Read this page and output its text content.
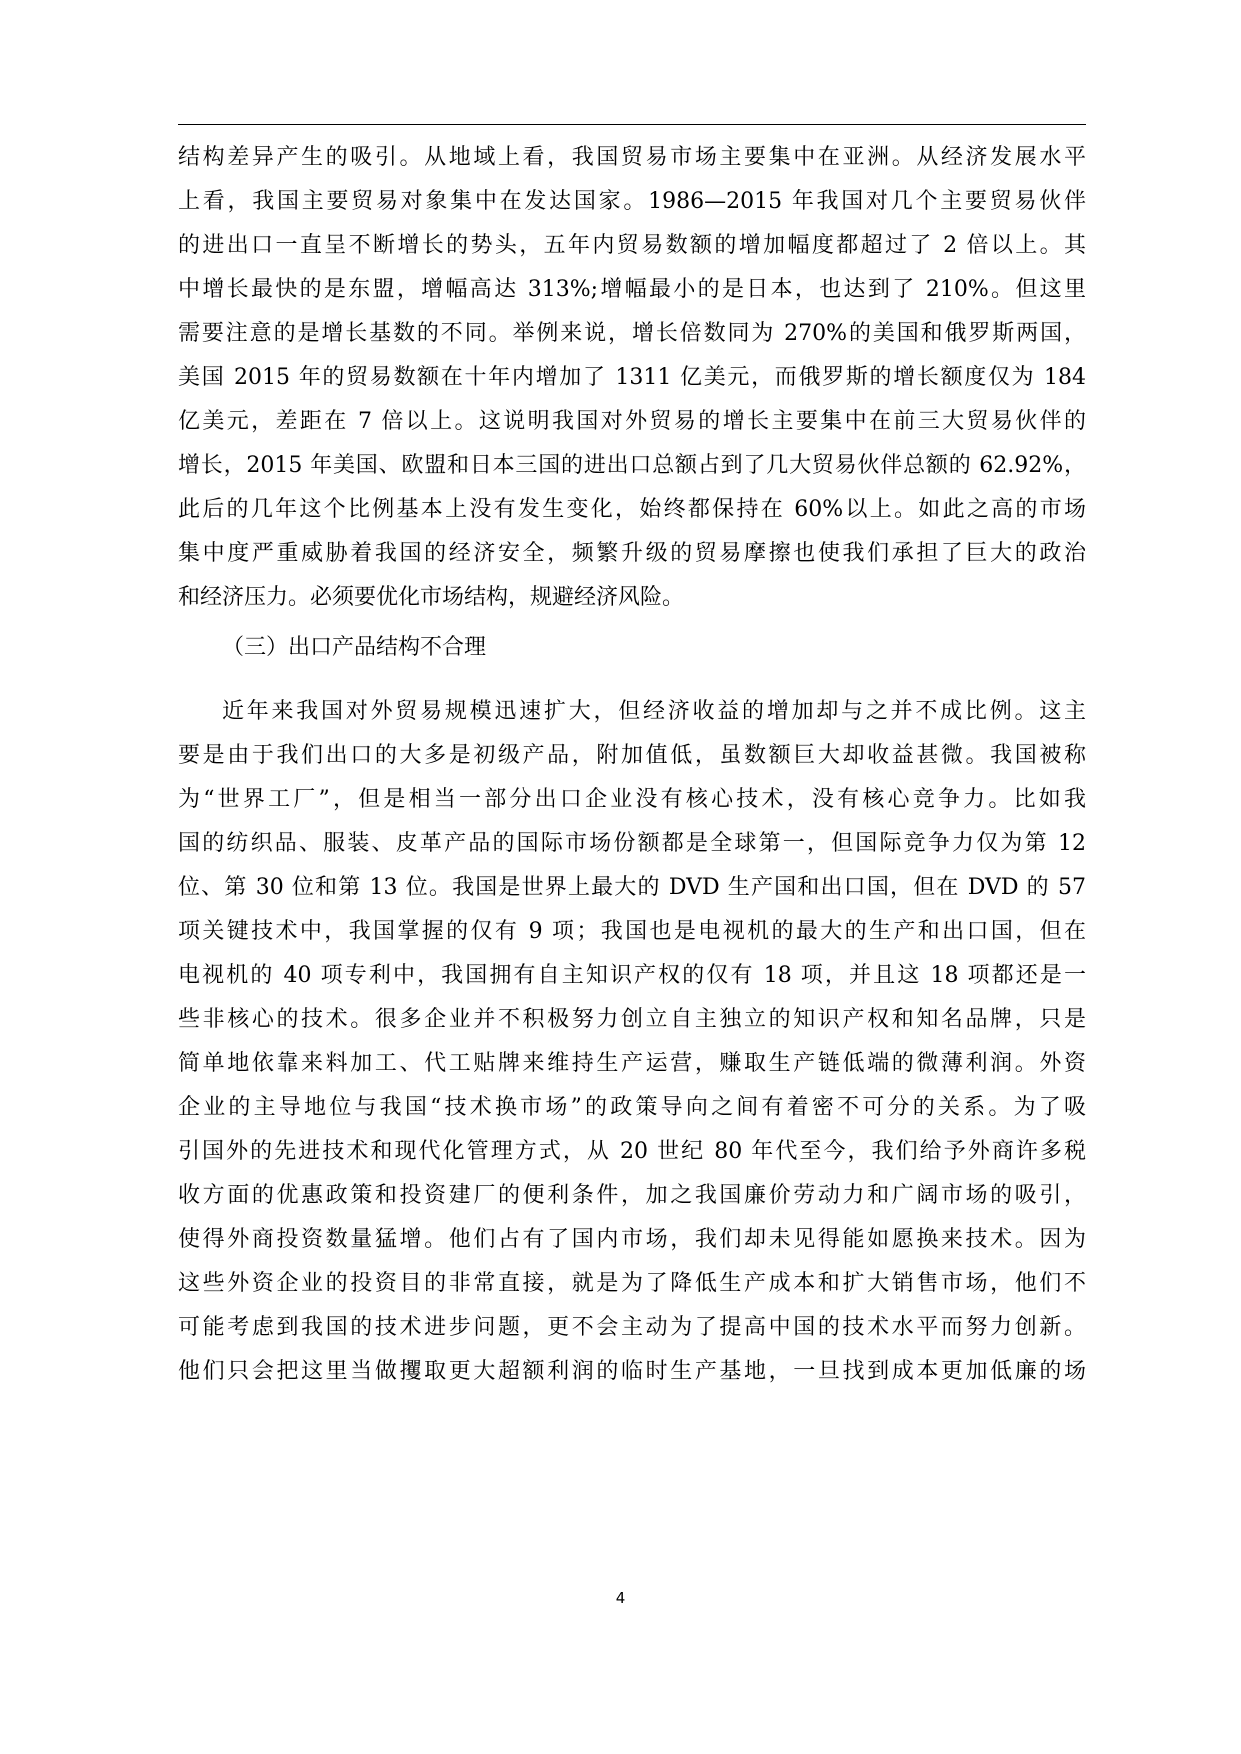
结构差异产生的吸引。从地域上看，我国贸易市场主要集中在亚洲。从经济发展水平
上看，我国主要贸易对象集中在发达国家。1986—2015 年我国对几个主要贸易伙伴
的进出口一直呈不断增长的势头，五年内贸易数额的增加幅度都超过了 2 倍以上。其
中增长最快的是东盟，增幅高达 313%;增幅最小的是日本，也达到了 210%。但这里
需要注意的是增长基数的不同。举例来说，增长倍数同为 270%的美国和俄罗斯两国，
美国 2015 年的贸易数额在十年内增加了 1311 亿美元，而俄罗斯的增长额度仅为 184
亿美元，差距在 7 倍以上。这说明我国对外贸易的增长主要集中在前三大贸易伙伴的
增长，2015 年美国、欧盟和日本三国的进出口总额占到了几大贸易伙伴总额的 62.92%，
此后的几年这个比例基本上没有发生变化，始终都保持在 60%以上。如此之高的市场
集中度严重威胁着我国的经济安全，频繁升级的贸易摩擦也使我们承担了巨大的政治
和经济压力。必须要优化市场结构，规避经济风险。
（三）出口产品结构不合理
近年来我国对外贸易规模迅速扩大，但经济收益的增加却与之并不成比例。这主
要是由于我们出口的大多是初级产品，附加值低，虽数额巨大却收益甚微。我国被称
为“世界工厂”，但是相当一部分出口企业没有核心技术，没有核心竞争力。比如我
国的纺织品、服装、皮革产品的国际市场份额都是全球第一，但国际竞争力仅为第 12
位、第 30 位和第 13 位。我国是世界上最大的 DVD 生产国和出口国，但在 DVD 的 57
项关键技术中，我国掌握的仅有 9 项；我国也是电视机的最大的生产和出口国，但在
电视机的 40 项专利中，我国拥有自主知识产权的仅有 18 项，并且这 18 项都还是一
些非核心的技术。很多企业并不积极努力创立自主独立的知识产权和知名品牌，只是
简单地依靠来料加工、代工贴牌来维持生产运营，赚取生产链低端的微薄利润。外资
企业的主导地位与我国“技术换市场”的政策导向之间有着密不可分的关系。为了吸
引国外的先进技术和现代化管理方式，从 20 世纪 80 年代至今，我们给予外商许多税
收方面的优惠政策和投资建厂的便利条件，加之我国廉价劳动力和广阔市场的吸引，
使得外商投资数量猛增。他们占有了国内市场，我们却未见得能如愿换来技术。因为
这些外资企业的投资目的非常直接，就是为了降低生产成本和扩大销售市场，他们不
可能考虑到我国的技术进步问题，更不会主动为了提高中国的技术水平而努力创新。
他们只会把这里当做攫取更大超额利润的临时生产基地，一旦找到成本更加低廉的场
4
